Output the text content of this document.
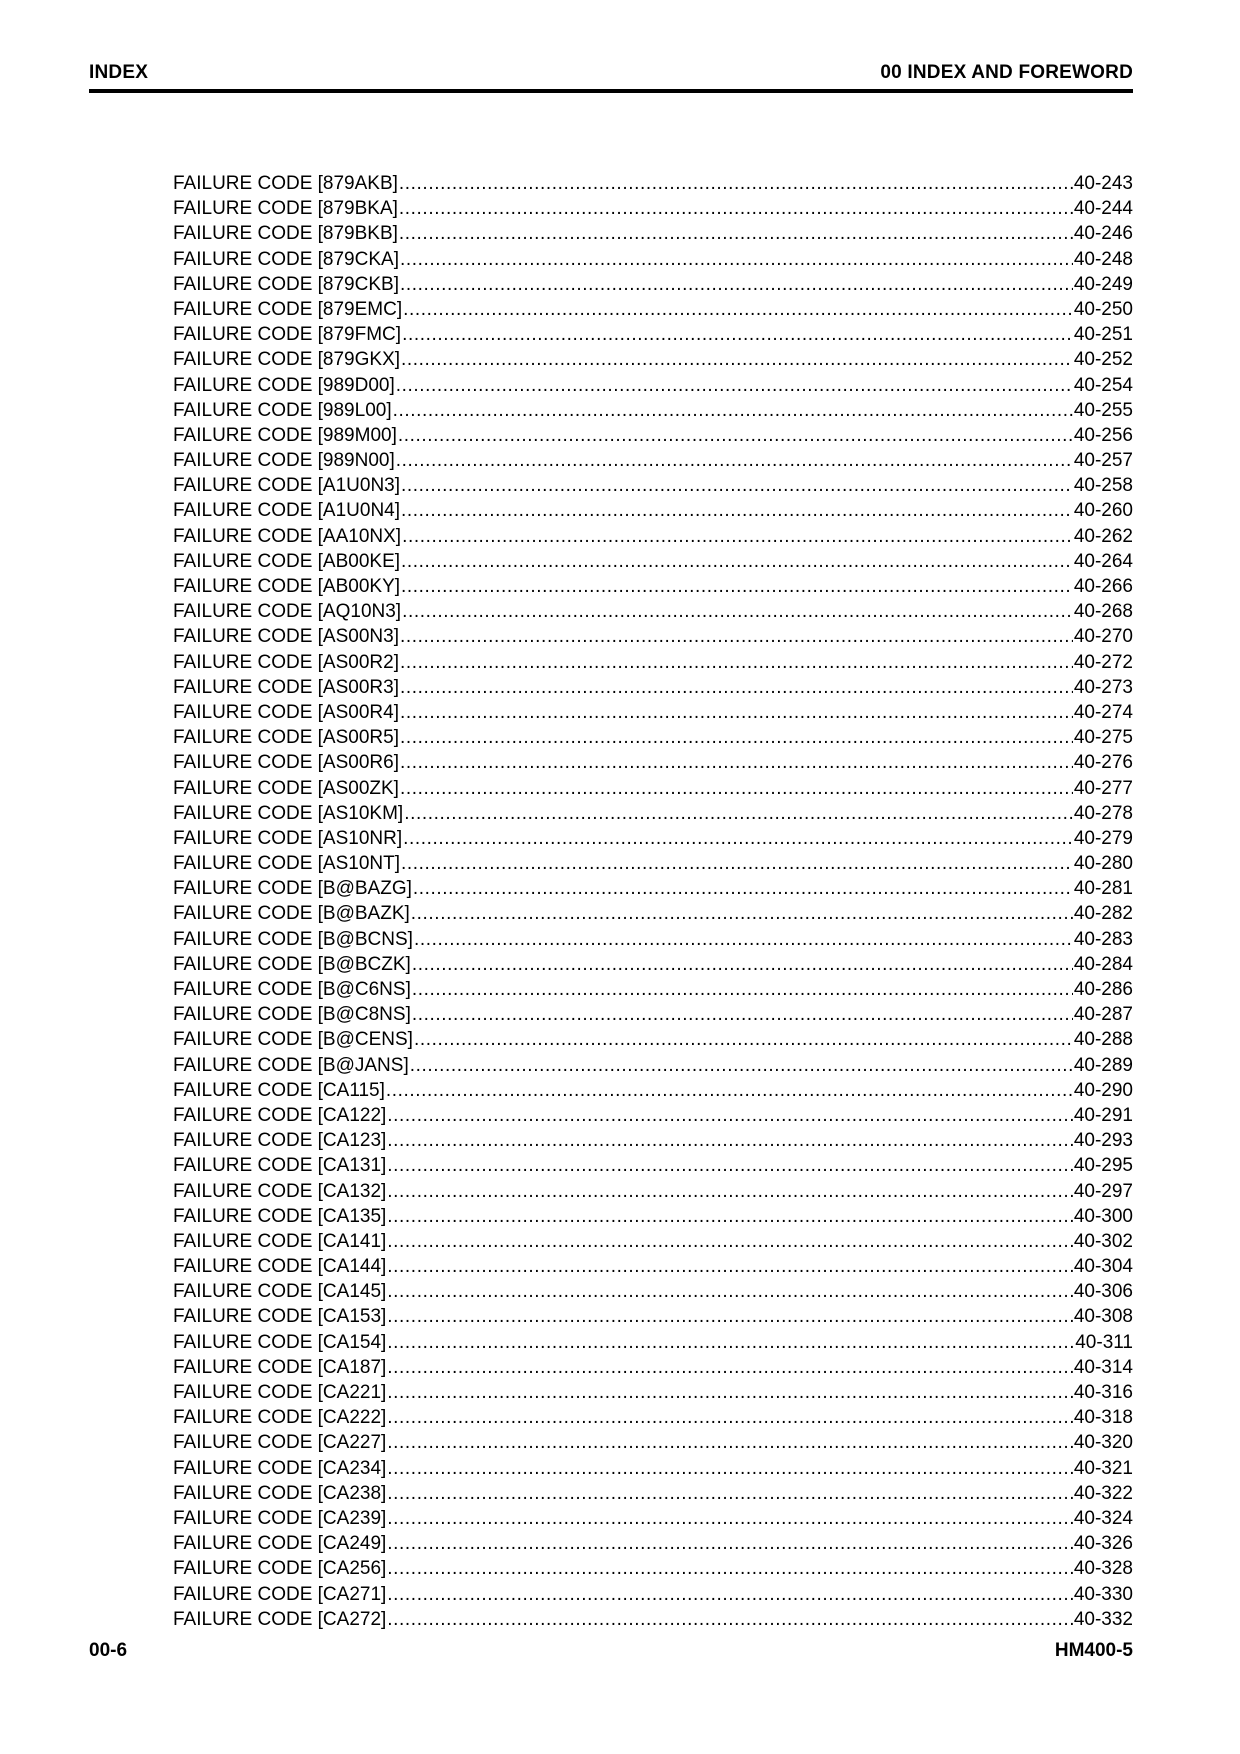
INDEX	00 INDEX AND FOREWORD
FAILURE CODE [879AKB] .....	40-243
FAILURE CODE [879BKA] .....	40-244
FAILURE CODE [879BKB] .....	40-246
FAILURE CODE [879CKA] .....	40-248
FAILURE CODE [879CKB] .....	40-249
FAILURE CODE [879EMC] .....	40-250
FAILURE CODE [879FMC] .....	40-251
FAILURE CODE [879GKX] .....	40-252
FAILURE CODE [989D00] .....	40-254
FAILURE CODE [989L00] .....	40-255
FAILURE CODE [989M00] .....	40-256
FAILURE CODE [989N00] .....	40-257
FAILURE CODE [A1U0N3] .....	40-258
FAILURE CODE [A1U0N4] .....	40-260
FAILURE CODE [AA10NX] .....	40-262
FAILURE CODE [AB00KE] .....	40-264
FAILURE CODE [AB00KY] .....	40-266
FAILURE CODE [AQ10N3] .....	40-268
FAILURE CODE [AS00N3] .....	40-270
FAILURE CODE [AS00R2] .....	40-272
FAILURE CODE [AS00R3] .....	40-273
FAILURE CODE [AS00R4] .....	40-274
FAILURE CODE [AS00R5] .....	40-275
FAILURE CODE [AS00R6] .....	40-276
FAILURE CODE [AS00ZK] .....	40-277
FAILURE CODE [AS10KM] .....	40-278
FAILURE CODE [AS10NR] .....	40-279
FAILURE CODE [AS10NT] .....	40-280
FAILURE CODE [B@BAZG] .....	40-281
FAILURE CODE [B@BAZK] .....	40-282
FAILURE CODE [B@BCNS] .....	40-283
FAILURE CODE [B@BCZK] .....	40-284
FAILURE CODE [B@C6NS] .....	40-286
FAILURE CODE [B@C8NS] .....	40-287
FAILURE CODE [B@CENS] .....	40-288
FAILURE CODE [B@JANS] .....	40-289
FAILURE CODE [CA115] .....	40-290
FAILURE CODE [CA122] .....	40-291
FAILURE CODE [CA123] .....	40-293
FAILURE CODE [CA131] .....	40-295
FAILURE CODE [CA132] .....	40-297
FAILURE CODE [CA135] .....	40-300
FAILURE CODE [CA141] .....	40-302
FAILURE CODE [CA144] .....	40-304
FAILURE CODE [CA145] .....	40-306
FAILURE CODE [CA153] .....	40-308
FAILURE CODE [CA154] .....	40-311
FAILURE CODE [CA187] .....	40-314
FAILURE CODE [CA221] .....	40-316
FAILURE CODE [CA222] .....	40-318
FAILURE CODE [CA227] .....	40-320
FAILURE CODE [CA234] .....	40-321
FAILURE CODE [CA238] .....	40-322
FAILURE CODE [CA239] .....	40-324
FAILURE CODE [CA249] .....	40-326
FAILURE CODE [CA256] .....	40-328
FAILURE CODE [CA271] .....	40-330
FAILURE CODE [CA272] .....	40-332
00-6	HM400-5
